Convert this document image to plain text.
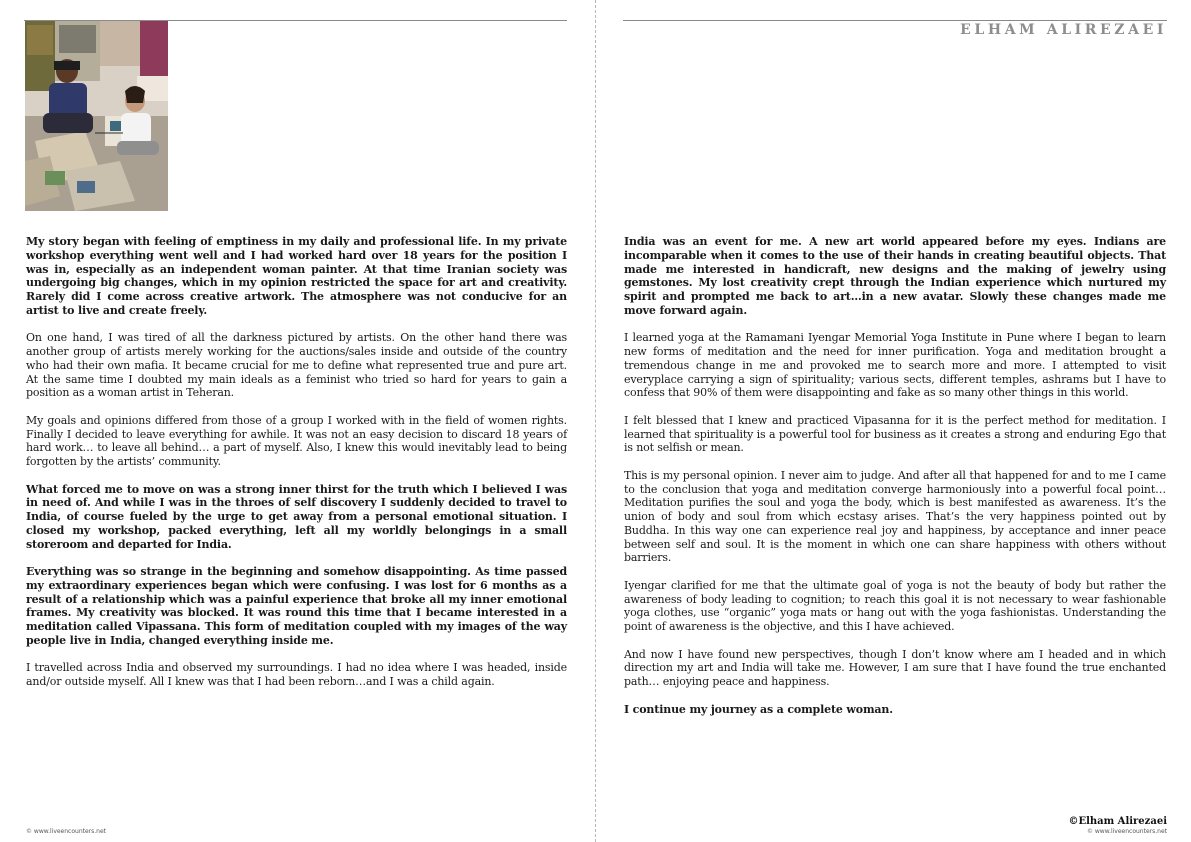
My story began with feeling of emptiness in my daily and professional life. In my private workshop everything went well and I had worked hard over 18 years for the position I was in, especially as an independent woman painter. At that time Iranian society was undergoing big changes, which in my opinion restricted the space for art and creativity. Rarely did I come across creative artwork. The atmosphere was not conducive for an artist to live and create freely.

On one hand, I was tired of all the darkness pictured by artists. On the other hand there was another group of artists merely working for the auctions/sales inside and outside of the country who had their own mafia. It became crucial for me to define what represented true and pure art. At the same time I doubted my main ideals as a feminist who tried so hard for years to gain a position as a woman artist in Teheran.

My goals and opinions differed from those of a group I worked with in the field of women rights. Finally I decided to leave everything for awhile. It was not an easy decision to discard 18 years of hard work… to leave all behind… a part of myself. Also, I knew this would inevitably lead to being forgotten by the artists’ community.

What forced me to move on was a strong inner thirst for the truth which I believed I was in need of. And while I was in the throes of self discovery I suddenly decided to travel to India, of course fueled by the urge to get away from a personal emotional situation. I closed my workshop, packed everything, left all my worldly belongings in a small storeroom and departed for India.

Everything was so strange in the beginning and somehow disappointing. As time passed my extraordinary experiences began which were confusing. I was lost for 6 months as a result of a relationship which was a painful experience that broke all my inner emotional frames. My creativity was blocked. It was round this time that I became interested in a meditation called Vipassana. This form of meditation coupled with my images of the way people live in India, changed everything inside me.

I travelled across India and observed my surroundings. I had no idea where I was headed, inside and/or outside myself. All I knew was that I had been reborn…and I was a child again.

© www.liveencounters.net
ELHAM ALIREZAEI

India was an event for me. A new art world appeared before my eyes. Indians are incomparable when it comes to the use of their hands in creating beautiful objects. That made me interested in handicraft, new designs and the making of jewelry using gemstones. My lost creativity crept through the Indian experience which nurtured my spirit and prompted me back to art…in a new avatar. Slowly these changes made me move forward again.

I learned yoga at the Ramamani Iyengar Memorial Yoga Institute in Pune where I began to learn new forms of meditation and the need for inner purification. Yoga and meditation brought a tremendous change in me and provoked me to search more and more. I attempted to visit everyplace carrying a sign of spirituality; various sects, different temples, ashrams but I have to confess that 90% of them were disappointing and fake as so many other things in this world.

I felt blessed that I knew and practiced Vipasanna for it is the perfect method for meditation. I learned that spirituality is a powerful tool for business as it creates a strong and enduring Ego that is not selfish or mean.

This is my personal opinion. I never aim to judge. And after all that happened for and to me I came to the conclusion that yoga and meditation converge harmoniously into a powerful focal point… Meditation purifies the soul and yoga the body, which is best manifested as awareness. It’s the union of body and soul from which ecstasy arises. That’s the very happiness pointed out by Buddha. In this way one can experience real joy and happiness, by acceptance and inner peace between self and soul. It is the moment in which one can share happiness with others without barriers.

Iyengar clarified for me that the ultimate goal of yoga is not the beauty of body but rather the awareness of body leading to cognition; to reach this goal it is not necessary to wear fashionable yoga clothes, use “organic” yoga mats or hang out with the yoga fashionistas. Understanding the point of awareness is the objective, and this I have achieved.

And now I have found new perspectives, though I don’t know where am I headed and in which direction my art and India will take me. However, I am sure that I have found the true enchanted path… enjoying peace and happiness.

I continue my journey as a complete woman.

©Elham Alirezaei
© www.liveencounters.net
